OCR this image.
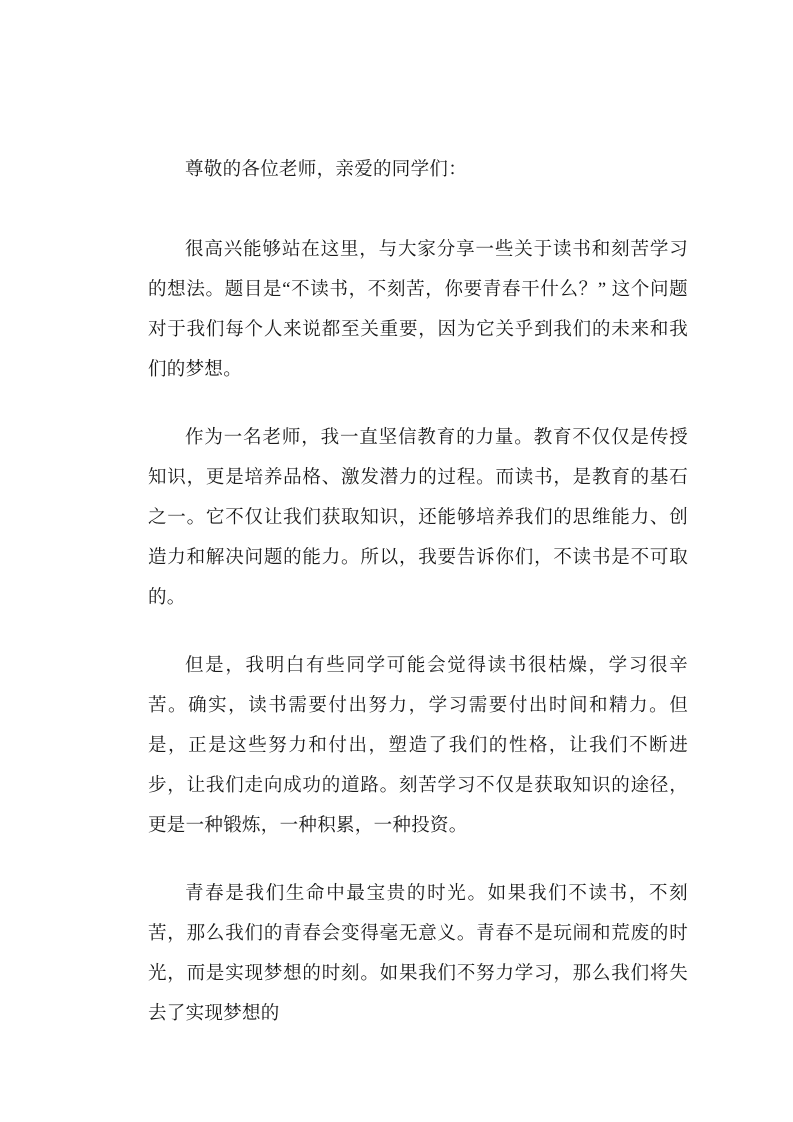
尊敬的各位老师，亲爱的同学们：

很高兴能够站在这里，与大家分享一些关于读书和刻苦学习的想法。题目是“不读书，不刻苦，你要青春干什么？” 这个问题对于我们每个人来说都至关重要，因为它关乎到我们的未来和我们的梦想。

作为一名老师，我一直坚信教育的力量。教育不仅仅是传授知识，更是培养品格、激发潜力的过程。而读书，是教育的基石之一。它不仅让我们获取知识，还能够培养我们的思维能力、创造力和解决问题的能力。所以，我要告诉你们，不读书是不可取的。

但是，我明白有些同学可能会觉得读书很枯燥，学习很辛苦。确实，读书需要付出努力，学习需要付出时间和精力。但是，正是这些努力和付出，塑造了我们的性格，让我们不断进步，让我们走向成功的道路。刻苦学习不仅是获取知识的途径，更是一种锻炼，一种积累，一种投资。

青春是我们生命中最宝贵的时光。如果我们不读书，不刻苦，那么我们的青春会变得毫无意义。青春不是玩闹和荒废的时光，而是实现梦想的时刻。如果我们不努力学习，那么我们将失去了实现梦想的
